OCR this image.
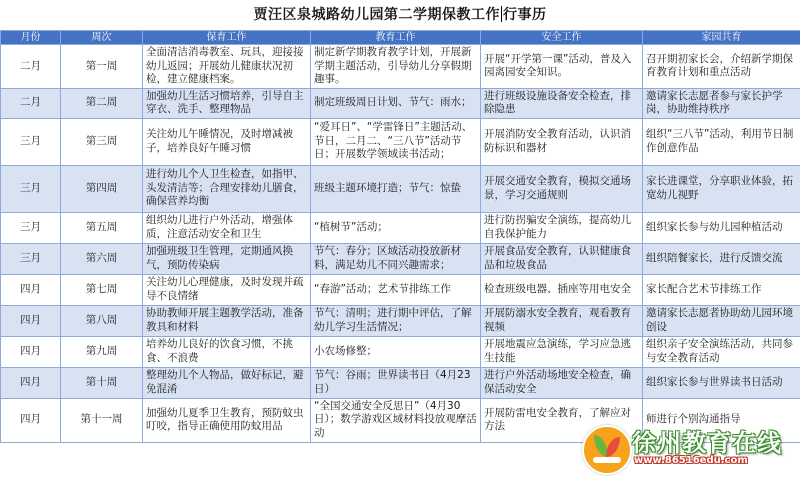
贾汪区泉城路幼儿园第二学期保教工作 行事历
月份	周次	保育工作	教育工作	安全工作	家园共育
二月	第一周	全面清洁消毒教室、玩具，迎接接幼儿返园；开展幼儿健康状况初检，建立健康档案。	制定新学期教育教学计划，开展新学期主题活动，引导幼儿分享假期趣事。	开展“开学第一课”活动，普及入园离园安全知识。	召开期初家长会，介绍新学期保育教育计划和重点活动
二月	第二周	加强幼儿生活习惯培养，引导自主穿衣、洗手、整理物品	制定班级周日计划、节气：雨水；	进行班级设施设备安全检查，排除隐患	邀请家长志愿者参与家长护学岗，协助维持秩序
三月	第三周	关注幼儿午睡情况，及时增减被子，培养良好午睡习惯	“爱耳日”、“学雷锋日”主题活动、节日，二月二、“三八节”活动节日；开展数学领域读书活动；	开展消防安全教育活动，认识消防标识和器材	组织“三八节”活动，利用节日制作创意作品
三月	第四周	进行幼儿个人卫生检查，如指甲、头发清洁等；合理安排幼儿膳食，确保营养均衡	班级主题环境打造；节气：惊蛰	开展交通安全教育，模拟交通场景，学习交通规则	家长进课堂，分享职业体验，拓宽幼儿视野
三月	第五周	组织幼儿进行户外活动，增强体质，注意活动安全和卫生	“植树节”活动；	进行防拐骗安全演练，提高幼儿自我保护能力	组织家长参与幼儿园种植活动
三月	第六周	加强班级卫生管理，定期通风换气，预防传染病	节气：春分；区域活动投放新材料，满足幼儿不同兴趣需求；	开展食品安全教育，认识健康食品和垃圾食品	组织陪餐家长，进行反馈交流
四月	第七周	关注幼儿心理健康，及时发现并疏导不良情绪	“春游”活动；艺术节排练工作	检查班级电器、插座等用电安全	家长配合艺术节排练工作
四月	第八周	协助教师开展主题教学活动，准备教具和材料	节气：清明；进行期中评估，了解幼儿学习生活情况；	开展防溺水安全教育，观看教育视频	邀请家长志愿者协助幼儿园环境创设
四月	第九周	培养幼儿良好的饮食习惯，不挑食、不浪费	小农场修整；	开展地震应急演练，学习应急逃生技能	组织亲子安全演练活动，共同参与安全教育活动
四月	第十周	整理幼儿个人物品，做好标记，避免混淆	节气：谷雨；世界读书日（4月23日）	进行户外活动场地安全检查，确保活动安全	组织家长参与世界读书日活动
四月	第十一周	加强幼儿夏季卫生教育，预防蚊虫叮咬，指导正确使用防蚊用品	“全国交通安全反思日”（4月30日）；数学游戏区域材料投放观摩活动	开展防雷电安全教育，了解应对方法	师进行个别沟通指导
徐州教育在线
www.86516edu.com
